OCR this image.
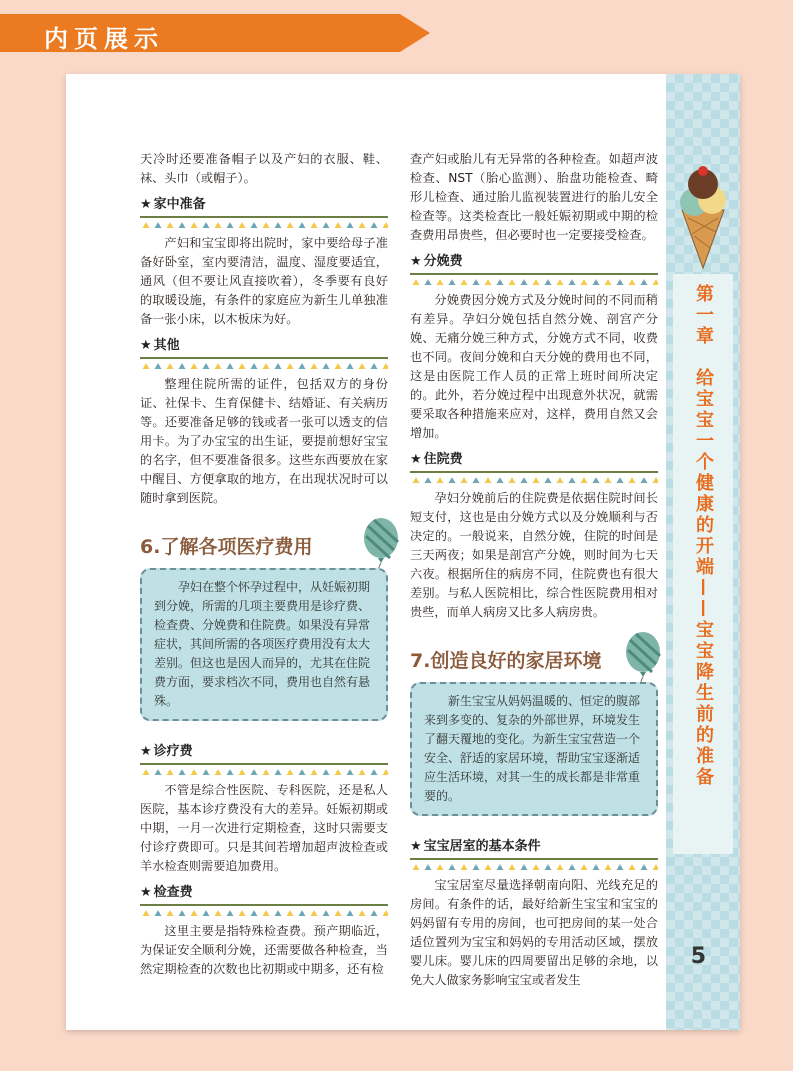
内页展示
第一章　给宝宝一个健康的开端——宝宝降生前的准备
5

天冷时还要准备帽子以及产妇的衣服、鞋、袜、头巾（或帽子）。

★ 家中准备

产妇和宝宝即将出院时，家中要给母子准备好卧室，室内要清洁，温度、湿度要适宜，通风（但不要让风直接吹着），冬季要有良好的取暖设施，有条件的家庭应为新生儿单独准备一张小床，以木板床为好。

★ 其他

整理住院所需的证件，包括双方的身份证、社保卡、生育保健卡、结婚证、有关病历等。还要准备足够的钱或者一张可以透支的信用卡。为了办宝宝的出生证，要提前想好宝宝的名字，但不要准备很多。这些东西要放在家中醒目、方便拿取的地方，在出现状况时可以随时拿到医院。

6.了解各项医疗费用
孕妇在整个怀孕过程中，从妊娠初期到分娩，所需的几项主要费用是诊疗费、检查费、分娩费和住院费。如果没有异常症状，其间所需的各项医疗费用没有太大差别。但这也是因人而异的，尤其在住院费方面，要求档次不同，费用也自然有悬殊。
★ 诊疗费

不管是综合性医院、专科医院，还是私人医院，基本诊疗费没有大的差异。妊娠初期或中期，一月一次进行定期检查，这时只需要支付诊疗费即可。只是其间若增加超声波检查或羊水检查则需要追加费用。

★ 检查费

这里主要是指特殊检查费。预产期临近，为保证安全顺利分娩，还需要做各种检查，当然定期检查的次数也比初期或中期多，还有检

查产妇或胎儿有无异常的各种检查。如超声波检查、NST（胎心监测）、胎盘功能检查、畸形儿检查、通过胎儿监视装置进行的胎儿安全检查等。这类检查比一般妊娠初期或中期的检查费用昂贵些，但必要时也一定要接受检查。

★ 分娩费

分娩费因分娩方式及分娩时间的不同而稍有差异。孕妇分娩包括自然分娩、剖宫产分娩、无痛分娩三种方式，分娩方式不同，收费也不同。夜间分娩和白天分娩的费用也不同，这是由医院工作人员的正常上班时间所决定的。此外，若分娩过程中出现意外状况，就需要采取各种措施来应对，这样，费用自然又会增加。

★ 住院费

孕妇分娩前后的住院费是依据住院时间长短支付，这也是由分娩方式以及分娩顺利与否决定的。一般说来，自然分娩，住院的时间是三天两夜；如果是剖宫产分娩，则时间为七天六夜。根据所住的病房不同，住院费也有很大差别。与私人医院相比，综合性医院费用相对贵些，而单人病房又比多人病房贵。

7.创造良好的家居环境
新生宝宝从妈妈温暖的、恒定的腹部来到多变的、复杂的外部世界，环境发生了翻天覆地的变化。为新生宝宝营造一个安全、舒适的家居环境，帮助宝宝逐渐适应生活环境，对其一生的成长都是非常重要的。
★ 宝宝居室的基本条件

宝宝居室尽量选择朝南向阳、光线充足的房间。有条件的话，最好给新生宝宝和宝宝的妈妈留有专用的房间，也可把房间的某一处合适位置列为宝宝和妈妈的专用活动区域，摆放婴儿床。婴儿床的四周要留出足够的余地，以免大人做家务影响宝宝或者发生
